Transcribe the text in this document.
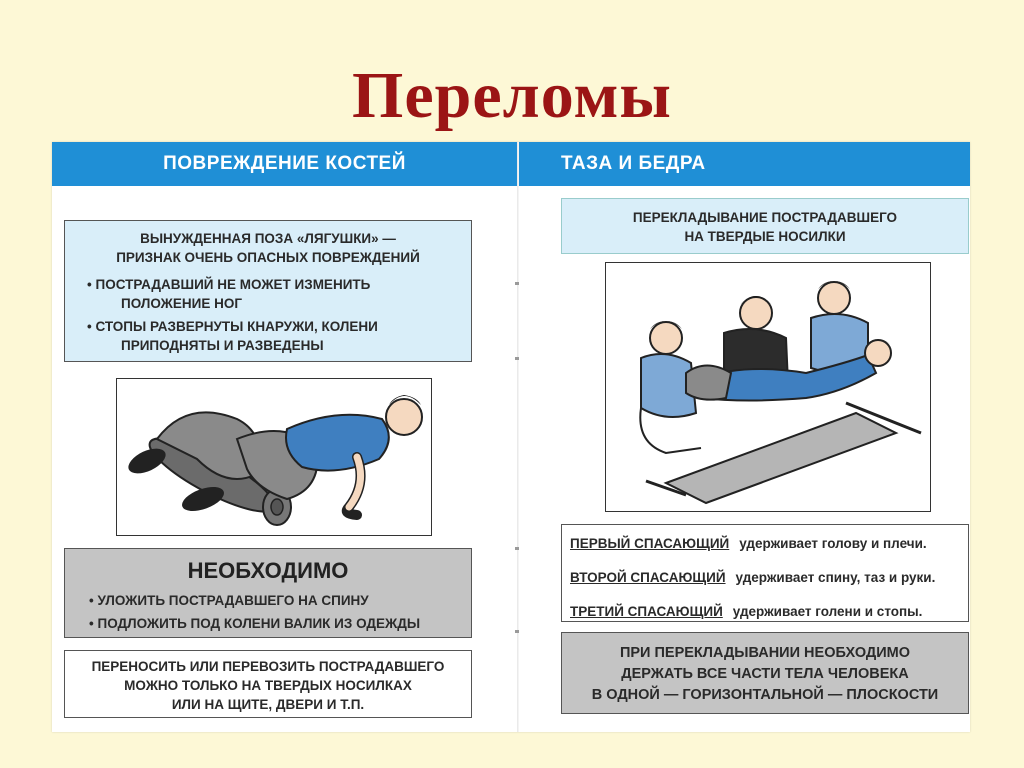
Переломы
ПОВРЕЖДЕНИЕ КОСТЕЙ	ТАЗА И БЕДРА
ВЫНУЖДЕННАЯ ПОЗА «ЛЯГУШКИ» —
ПРИЗНАК ОЧЕНЬ ОПАСНЫХ ПОВРЕЖДЕНИЙ
• ПОСТРАДАВШИЙ НЕ МОЖЕТ ИЗМЕНИТЬ
ПОЛОЖЕНИЕ НОГ
• СТОПЫ РАЗВЕРНУТЫ КНАРУЖИ, КОЛЕНИ
ПРИПОДНЯТЫ И РАЗВЕДЕНЫ
НЕОБХОДИМО
• УЛОЖИТЬ ПОСТРАДАВШЕГО НА СПИНУ
• ПОДЛОЖИТЬ ПОД КОЛЕНИ ВАЛИК ИЗ ОДЕЖДЫ
ПЕРЕНОСИТЬ ИЛИ ПЕРЕВОЗИТЬ ПОСТРАДАВШЕГО
МОЖНО ТОЛЬКО НА ТВЕРДЫХ НОСИЛКАХ
ИЛИ НА ЩИТЕ, ДВЕРИ И Т.П.
ПЕРЕКЛАДЫВАНИЕ ПОСТРАДАВШЕГО
НА ТВЕРДЫЕ НОСИЛКИ
ПЕРВЫЙ СПАСАЮЩИЙ удерживает голову и плечи.
ВТОРОЙ СПАСАЮЩИЙ удерживает спину, таз и руки.
ТРЕТИЙ СПАСАЮЩИЙ удерживает голени и стопы.
ПРИ ПЕРЕКЛАДЫВАНИИ НЕОБХОДИМО
ДЕРЖАТЬ ВСЕ ЧАСТИ ТЕЛА ЧЕЛОВЕКА
В ОДНОЙ — ГОРИЗОНТАЛЬНОЙ — ПЛОСКОСТИ
